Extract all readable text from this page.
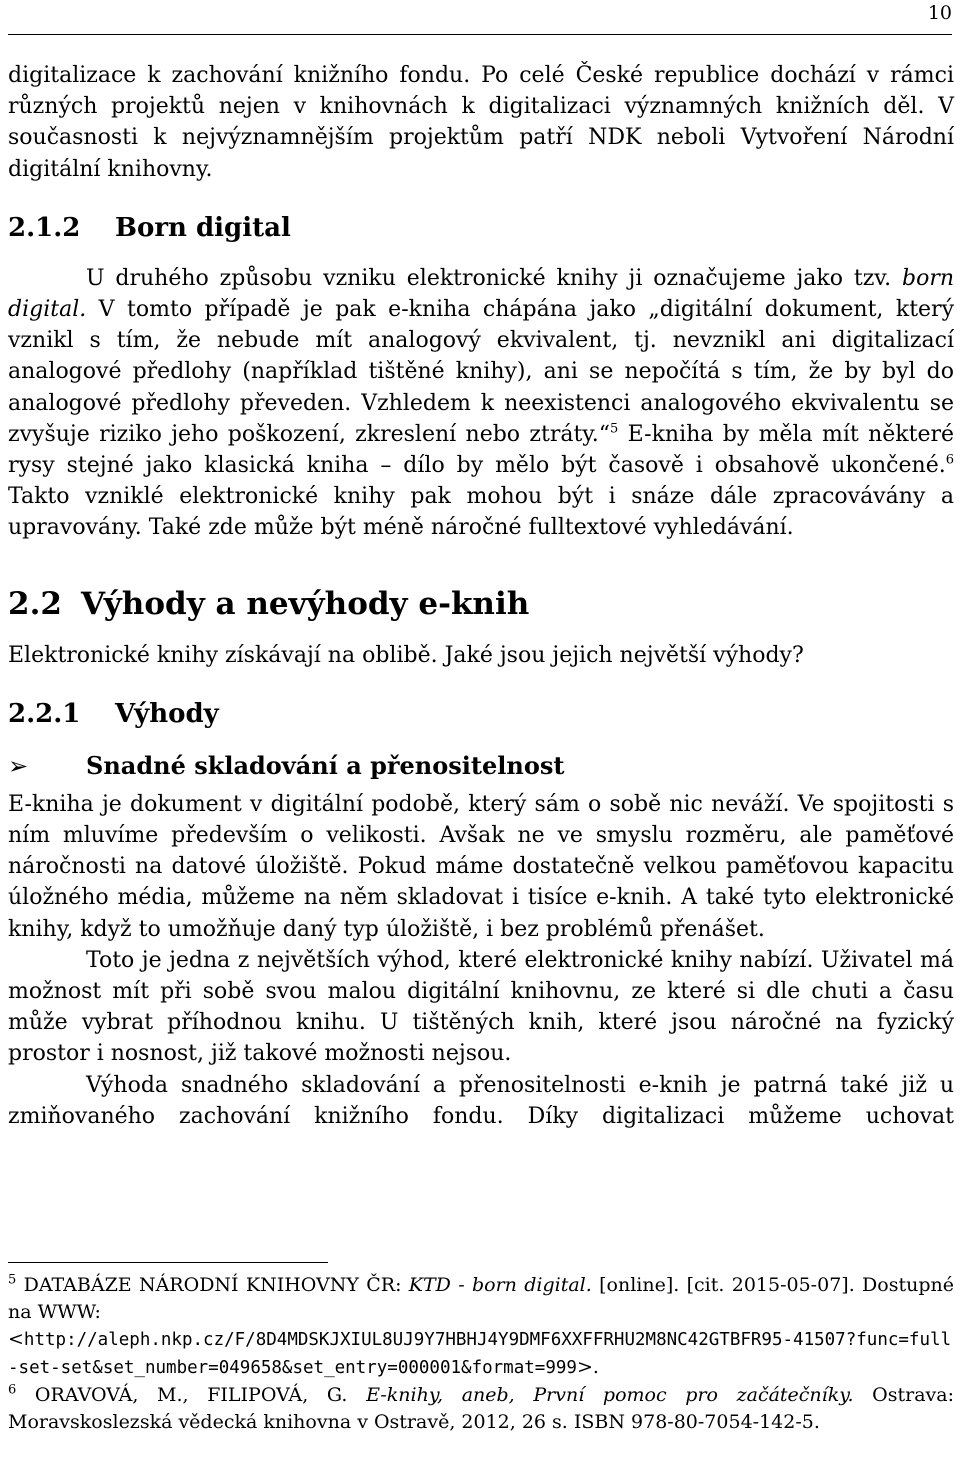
10

digitalizace k zachování knižního fondu. Po celé České republice dochází v rámci různých projektů nejen v knihovnách k digitalizaci významných knižních děl. V současnosti k nejvýznamnějším projektům patří NDK neboli Vytvoření Národní digitální knihovny.

2.1.2 Born digital

U druhého způsobu vzniku elektronické knihy ji označujeme jako tzv. born digital. V tomto případě je pak e-kniha chápána jako „digitální dokument, který vznikl s tím, že nebude mít analogový ekvivalent, tj. nevznikl ani digitalizací analogové předlohy (například tištěné knihy), ani se nepočítá s tím, že by byl do analogové předlohy převeden. Vzhledem k neexistenci analogového ekvivalentu se zvyšuje riziko jeho poškození, zkreslení nebo ztráty.“$^5$ E-kniha by měla mít některé rysy stejné jako klasická kniha – dílo by mělo být časově i obsahově ukončené.$^6$ Takto vzniklé elektronické knihy pak mohou být i snáze dále zpracovávány a upravovány. Také zde může být méně náročné fulltextové vyhledávání.

2.2 Výhody a nevýhody e-knih

Elektronické knihy získávají na oblibě. Jaké jsou jejich největší výhody?

2.2.1 Výhody
➢ Snadné skladování a přenositelnost

E-kniha je dokument v digitální podobě, který sám o sobě nic neváží. Ve spojitosti s ním mluvíme především o velikosti. Avšak ne ve smyslu rozměru, ale paměťové náročnosti na datové úložiště. Pokud máme dostatečně velkou paměťovou kapacitu úložného média, můžeme na něm skladovat i tisíce e-knih. A také tyto elektronické knihy, když to umožňuje daný typ úložiště, i bez problémů přenášet.

Toto je jedna z největších výhod, které elektronické knihy nabízí. Uživatel má možnost mít při sobě svou malou digitální knihovnu, ze které si dle chuti a času může vybrat příhodnou knihu. U tištěných knih, které jsou náročné na fyzický prostor i nosnost, již takové možnosti nejsou.

Výhoda snadného skladování a přenositelnosti e-knih je patrná také již u zmiňovaného zachování knižního fondu. Díky digitalizaci můžeme uchovat

$^5$ DATABÁZE NÁRODNÍ KNIHOVNY ČR: KTD - born digital. [online]. [cit. 2015-05-07]. Dostupné na WWW:
<http://aleph.nkp.cz/F/8D4MDSKJXIUL8UJ9Y7HBHJ4Y9DMF6XXFFRHU2M8NC42GTBFR95-41507?func=full-set-set&set_number=049658&set_entry=000001&format=999>.

$^6$ ORAVOVÁ, M., FILIPOVÁ, G. E-knihy, aneb, První pomoc pro začátečníky. Ostrava: Moravskoslezská vědecká knihovna v Ostravě, 2012, 26 s. ISBN 978-80-7054-142-5.
